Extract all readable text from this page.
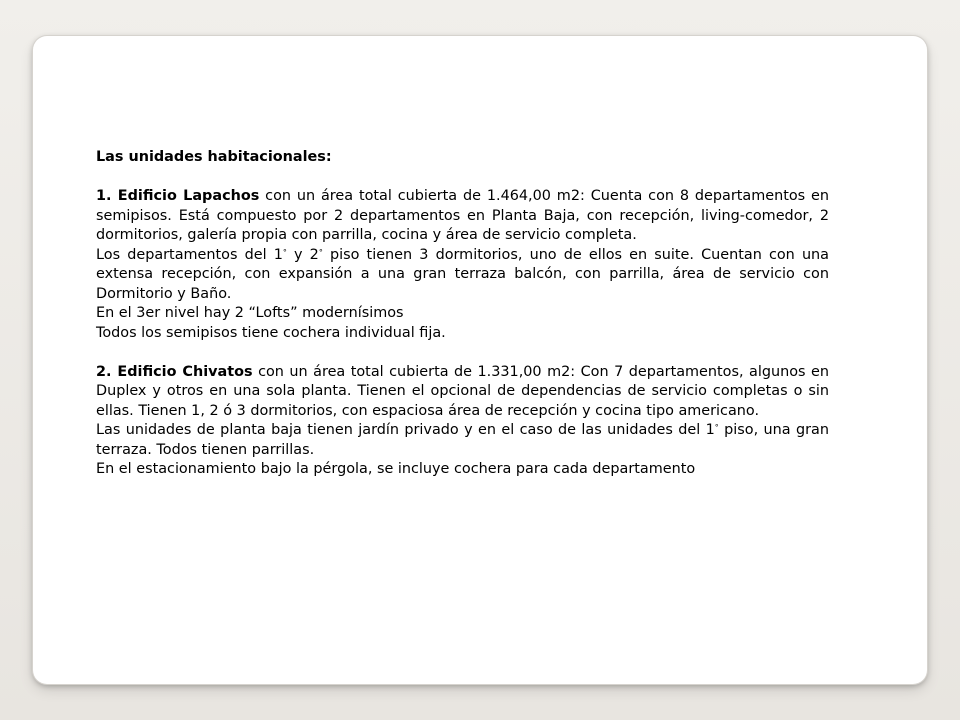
Las unidades habitacionales:

1. Edificio Lapachos con un área total cubierta de 1.464,00 m2: Cuenta con 8 departamentos en semipisos. Está compuesto por 2 departamentos en Planta Baja, con recepción, living-comedor, 2 dormitorios, galería propia con parrilla, cocina y área de servicio completa.

Los departamentos del 1° y 2° piso tienen 3 dormitorios, uno de ellos en suite. Cuentan con una extensa recepción, con expansión a una gran terraza balcón, con parrilla, área de servicio con Dormitorio y Baño.

En el 3er nivel hay 2 “Lofts” modernísimos

Todos los semipisos tiene cochera individual fija.

2. Edificio Chivatos con un área total cubierta de 1.331,00 m2: Con 7 departamentos, algunos en Duplex y otros en una sola planta. Tienen el opcional de dependencias de servicio completas o sin ellas. Tienen 1, 2 ó 3 dormitorios, con espaciosa área de recepción y cocina tipo americano.

Las unidades de planta baja tienen jardín privado y en el caso de las unidades del 1° piso, una gran terraza. Todos tienen parrillas.

En el estacionamiento bajo la pérgola, se incluye cochera para cada departamento
